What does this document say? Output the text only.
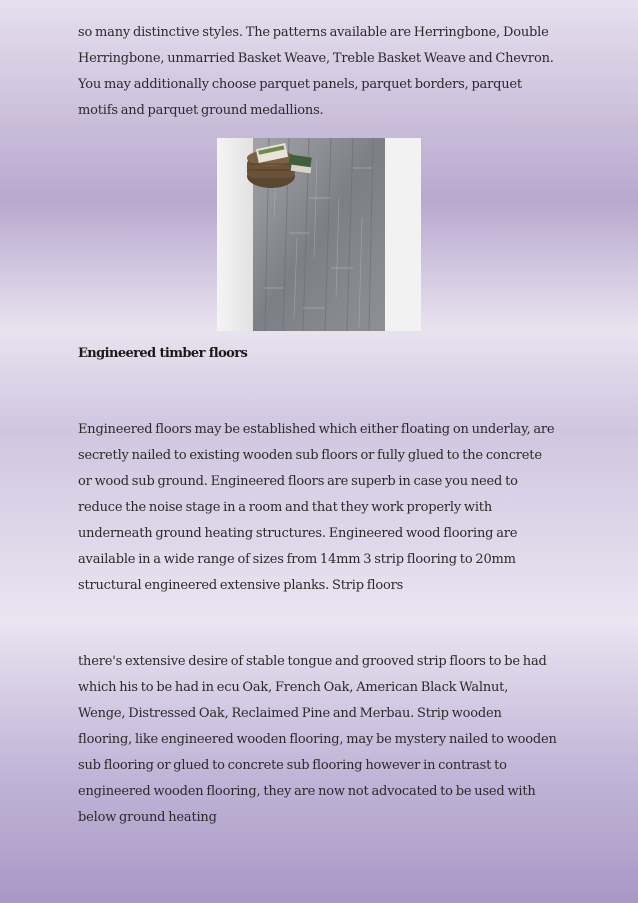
so many distinctive styles. The patterns available are Herringbone, Double Herringbone, unmarried Basket Weave, Treble Basket Weave and Chevron. You may additionally choose parquet panels, parquet borders, parquet motifs and parquet ground medallions.

Engineered timber floors

Engineered floors may be established which either floating on underlay, are secretly nailed to existing wooden sub floors or fully glued to the concrete or wood sub ground. Engineered floors are superb in case you need to reduce the noise stage in a room and that they work properly with underneath ground heating structures. Engineered wood flooring are available in a wide range of sizes from 14mm 3 strip flooring to 20mm structural engineered extensive planks. Strip floors

there's extensive desire of stable tongue and grooved strip floors to be had which his to be had in ecu Oak, French Oak, American Black Walnut, Wenge, Distressed Oak, Reclaimed Pine and Merbau. Strip wooden flooring, like engineered wooden flooring, may be mystery nailed to wooden sub flooring or glued to concrete sub flooring however in contrast to engineered wooden flooring, they are now not advocated to be used with below ground heating
